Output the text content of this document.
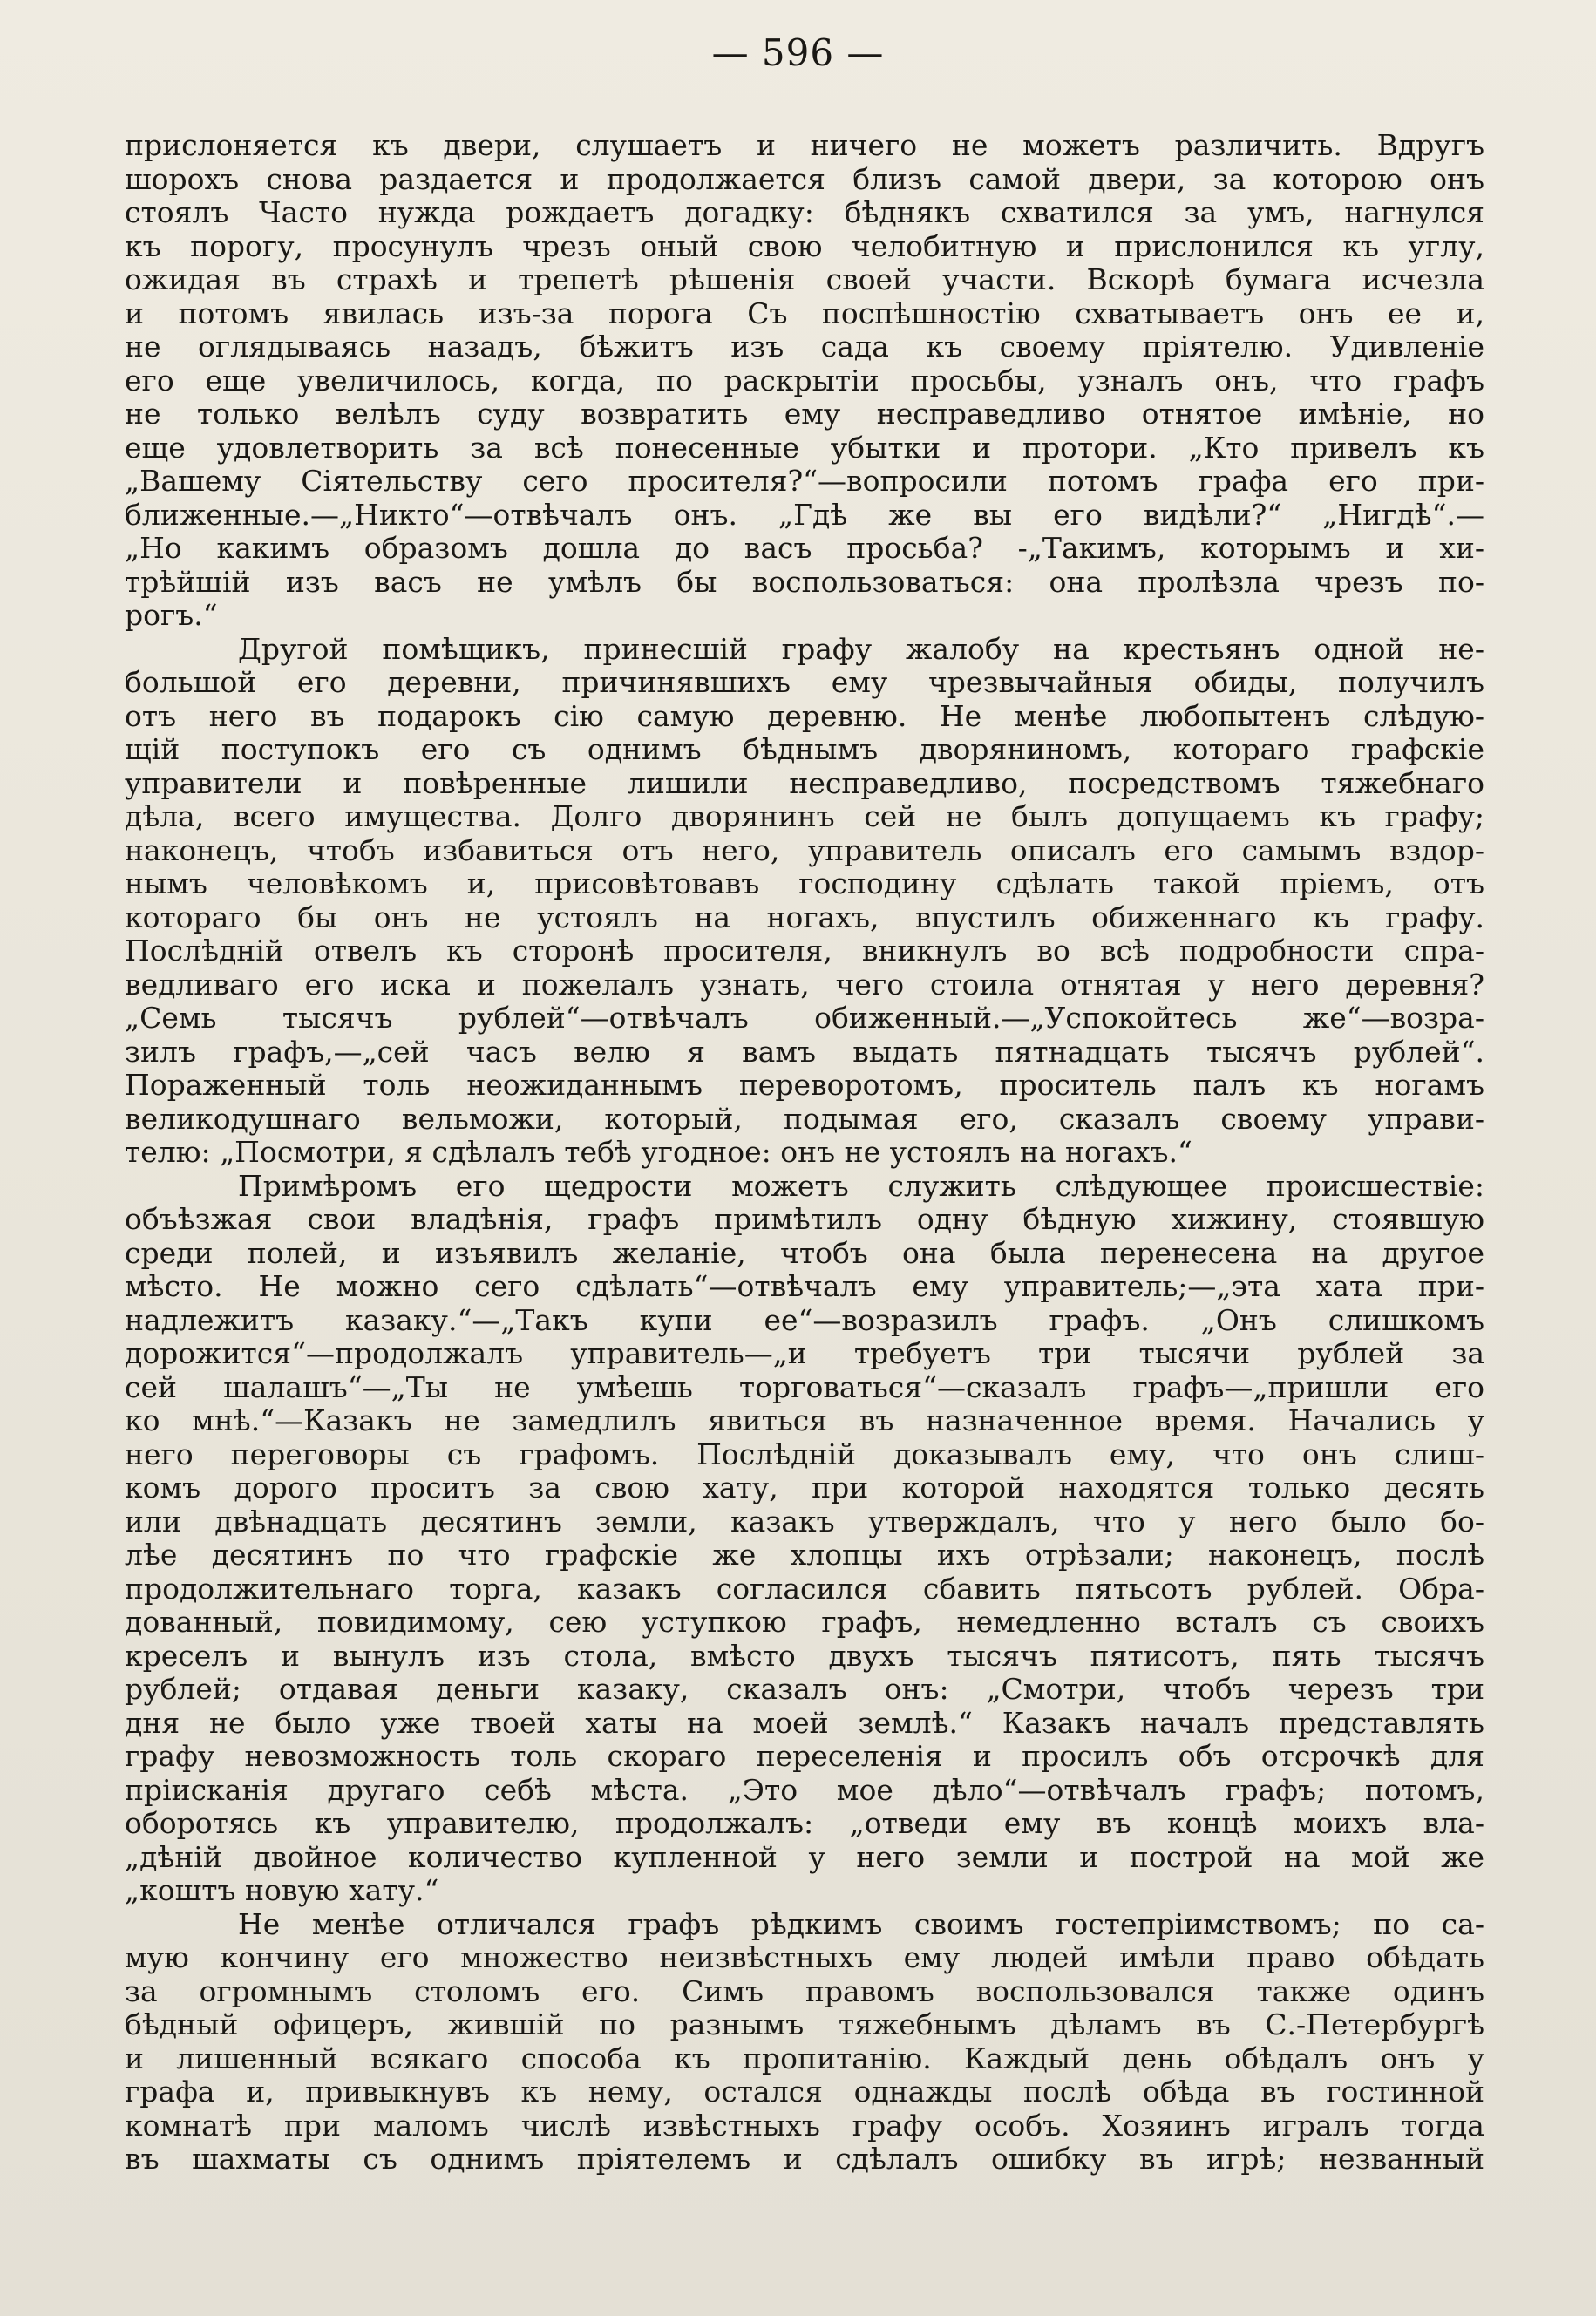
— 596 —
прислоняется къ двери, слушаетъ и ничего не можетъ различить. Вдругъ
шорохъ снова раздается и продолжается близъ самой двери, за которою онъ
стоялъ Часто нужда рождаетъ догадку: бѣднякъ схватился за умъ, нагнулся
къ порогу, просунулъ чрезъ оный свою челобитную и прислонился къ углу,
ожидая въ страхѣ и трепетѣ рѣшенія своей участи. Вскорѣ бумага исчезла
и потомъ явилась изъ-за порога Съ поспѣшностію схватываетъ онъ ее и,
не оглядываясь назадъ, бѣжитъ изъ сада къ своему пріятелю. Удивленіе
его еще увеличилось, когда, по раскрытіи просьбы, узналъ онъ, что графъ
не только велѣлъ суду возвратить ему несправедливо отнятое имѣніе, но
еще удовлетворить за всѣ понесенные убытки и протори. „Кто привелъ къ
„Вашему Сіятельству сего просителя?“—вопросили потомъ графа его при-
ближенные.—„Никто“—отвѣчалъ онъ. „Гдѣ же вы его видѣли?“ „Нигдѣ“.—
„Но какимъ образомъ дошла до васъ просьба? -„Такимъ, которымъ и хи-
трѣйшій изъ васъ не умѣлъ бы воспользоваться: она пролѣзла чрезъ по-
рогъ.“
Другой помѣщикъ, принесшій графу жалобу на крестьянъ одной не-
большой его деревни, причинявшихъ ему чрезвычайныя обиды, получилъ
отъ него въ подарокъ сію самую деревню. Не менѣе любопытенъ слѣдую-
щій поступокъ его съ однимъ бѣднымъ дворяниномъ, котораго графскіе
управители и повѣренные лишили несправедливо, посредствомъ тяжебнаго
дѣла, всего имущества. Долго дворянинъ сей не былъ допущаемъ къ графу;
наконецъ, чтобъ избавиться отъ него, управитель описалъ его самымъ вздор-
нымъ человѣкомъ и, присовѣтовавъ господину сдѣлать такой пріемъ, отъ
котораго бы онъ не устоялъ на ногахъ, впустилъ обиженнаго къ графу.
Послѣдній отвелъ къ сторонѣ просителя, вникнулъ во всѣ подробности спра-
ведливаго его иска и пожелалъ узнать, чего стоила отнятая у него деревня?
„Семь тысячъ рублей“—отвѣчалъ обиженный.—„Успокойтесь же“—возра-
зилъ графъ,—„сей часъ велю я вамъ выдать пятнадцать тысячъ рублей“.
Пораженный толь неожиданнымъ переворотомъ, проситель палъ къ ногамъ
великодушнаго вельможи, который, подымая его, сказалъ своему управи-
телю: „Посмотри, я сдѣлалъ тебѣ угодное: онъ не устоялъ на ногахъ.“
Примѣромъ его щедрости можетъ служить слѣдующее происшествіе:
объѣзжая свои владѣнія, графъ примѣтилъ одну бѣдную хижину, стоявшую
среди полей, и изъявилъ желаніе, чтобъ она была перенесена на другое
мѣсто. Не можно сего сдѣлать“—отвѣчалъ ему управитель;—„эта хата при-
надлежитъ казаку.“—„Такъ купи ее“—возразилъ графъ. „Онъ слишкомъ
дорожится“—продолжалъ управитель—„и требуетъ три тысячи рублей за
сей шалашъ“—„Ты не умѣешь торговаться“—сказалъ графъ—„пришли его
ко мнѣ.“—Казакъ не замедлилъ явиться въ назначенное время. Начались у
него переговоры съ графомъ. Послѣдній доказывалъ ему, что онъ слиш-
комъ дорого проситъ за свою хату, при которой находятся только десять
или двѣнадцать десятинъ земли, казакъ утверждалъ, что у него было бо-
лѣе десятинъ по что графскіе же хлопцы ихъ отрѣзали; наконецъ, послѣ
продолжительнаго торга, казакъ согласился сбавить пятьсотъ рублей. Обра-
дованный, повидимому, сею уступкою графъ, немедленно всталъ съ своихъ
креселъ и вынулъ изъ стола, вмѣсто двухъ тысячъ пятисотъ, пять тысячъ
рублей; отдавая деньги казаку, сказалъ онъ: „Смотри, чтобъ черезъ три
дня не было уже твоей хаты на моей землѣ.“ Казакъ началъ представлять
графу невозможность толь скораго переселенія и просилъ объ отсрочкѣ для
пріисканія другаго себѣ мѣста. „Это мое дѣло“—отвѣчалъ графъ; потомъ,
оборотясь къ управителю, продолжалъ: „отведи ему въ концѣ моихъ вла-
„дѣній двойное количество купленной у него земли и построй на мой же
„коштъ новую хату.“
Не менѣе отличался графъ рѣдкимъ своимъ гостепріимствомъ; по са-
мую кончину его множество неизвѣстныхъ ему людей имѣли право обѣдать
за огромнымъ столомъ его. Симъ правомъ воспользовался также одинъ
бѣдный офицеръ, жившій по разнымъ тяжебнымъ дѣламъ въ С.-Петербургѣ
и лишенный всякаго способа къ пропитанію. Каждый день обѣдалъ онъ у
графа и, привыкнувъ къ нему, остался однажды послѣ обѣда въ гостинной
комнатѣ при маломъ числѣ извѣстныхъ графу особъ. Хозяинъ игралъ тогда
въ шахматы съ однимъ пріятелемъ и сдѣлалъ ошибку въ игрѣ; незванный
